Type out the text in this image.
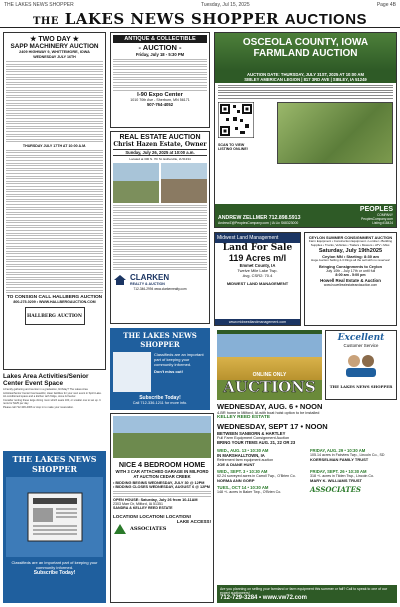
THE LAKES NEWS SHOPPER	Tuesday, Jul 15, 2025	Page 4B
THE LAKES NEWS SHOPPER AUCTIONS
★ TWO DAY ★
SAPP MACHINERY AUCTION
2409 HIGHWAY 9, WHITTEMORE, IOWA
WEDNESDAY JULY 16TH
THURSDAY JULY 17TH AT 10:00 A.M.
TO CONSIGN CALL HALLBERG AUCTION
800-275-0209 • WWW.HALLBERGAUCTION.COM
HALLBERG AUCTION
Lakes Area Activities/Senior Center Event Space
A Family gathering and reunion in a graduation, birthday? The Lakes Area Activities/Senior Center has beautiful, clean facilities for your next event in Spirit Lake. Air-conditioned space and a kitchen with fridge, stove & freezer.
Consider renting these large dining room which seats 100, or smaller one to set up. It rents for $125 per day.
Please call 712-336-4006 or stop in to make your reservation.
THE LAKES NEWS SHOPPER
Classifieds are an important part of keeping your community informed.
Subscribe Today!
ANTIQUE & COLLECTIBLE
- AUCTION -
Friday, July 18 - 5:30 PM
I-90 Expo Center
1010 70th Ave - Sherburn, MN 56171
507-764-4052
REAL ESTATE AUCTION
Christ Hazen Estate, Owner
Sunday, July 26, 2025 at 10:00 a.m.
Located at 300 N. 7th St. Estherville, IA 51334
CLARKEN
REALTY & AUCTION
712-346-2994 www.clarkenrealty.com
THE LAKES NEWS SHOPPER
Classifieds are an important part of keeping your community informed.
Don't miss out!
Subscribe Today!
Call 712-336-1211 for more info.
Excellent
Customer Service
THE LAKES NEWS SHOPPER
NICE 4 BEDROOM HOME
WITH 3 CAR ATTACHED GARAGE IN MILFORD
AT AUCTION CEDAR CREEK
• BIDDING BEGINS WEDNESDAY, JULY 30 @ 12PM
• BIDDING CLOSES WEDNESDAY, AUGUST 6 @ 12PM
OPEN HOUSE: Saturday, July 26 from 10-11AM
2303 Marr Dr, Milford, IA 51351
SANDRA & KELLEY REED ESTATE
LOCATION! LOCATION! LOCATION!
LAKE ACCESS!
ASSOCIATES
OSCEOLA COUNTY, IOWA
FARMLAND AUCTION
AUCTION DATE: THURSDAY, JULY 31ST, 2025 AT 10:00 AM
SIBLEY AMERICAN LEGION | 817 3RD AVE | SIBLEY, IA 51249
SCAN TO VIEW
LISTING ONLINE!
ANDREW ZELLMER 712.898.5913
AndrewZ@PeoplesCompany.com | IA Lic S68323000
PEOPLES
COMPANY
PeoplesCompany.com
Listing #18424
Midwest Land Management
Land For Sale
119 Acres m/l
Emmet County, IA
Twelve Mile Lake Twp.
Avg. CSR2: 70.4
MIDWEST LAND MANAGEMENT
www.midwestlandmanagement.com
CEYLON SUMMER CONSIGNMENT AUCTION
Farm Equipment • Construction Equipment • Lumber • Building Supplies • Trucks, Vehicles • Trailers • Mowers • ATV • Misc.
Saturday, July 19th2025
Ceylon MN • Starting: 8:30 am
Huge Auction Selling 2-3 Rings all the sell with no reserves!
Bringing Consignments to Ceylon
July 10th - July 17th or until full
8:00 am - 5:00 pm
Howell Real Estate & Auction
www.howellrealestateandauction.com
ONLINE ONLY
AUCTIONS
WEDNESDAY, AUG. 6 • NOON
4-BR home in Milford, IA with boat hoist option to be installed
KELLEY REED ESTATE
WEDNESDAY, SEPT 17 • NOON
BETWEEN SANBORN & HARTLEY
Full Farm Equipment Consignment Auction
BRING YOUR ITEMS AUG. 21, 22 OR 23
WED., AUG. 13 • 10:30 AM
IN MARSHALLTOWN, IA
Retirement farm equipment auction
JOE & DIANE HUNT
FRIDAY, AUG. 29 • 10:30 AM
105.14 acres in Fairview Twp., Lincoln Co., SD
KOERSELMAN FAMILY TRUST
WED., SEPT. 3 • 10:30 AM
62.24 surveyed acres in Carroll Twp., O'Brien Co.
NORMA ANN GORP
FRIDAY, SEPT. 26 • 10:30 AM
318 +/- acres in Tilden Twp., Lincoln Co.
MARY K. WILLIAMS TRUST
TUES., OCT 14 • 10:30 AM
148 +/- acres in Baker Twp., O'Brien Co.	ASSOCIATES
Are you planning on selling your farmland or farm equipment this summer or fall? Call to speak to one of our expert auctioneers!
712-729-3284 • www.vw72.com
